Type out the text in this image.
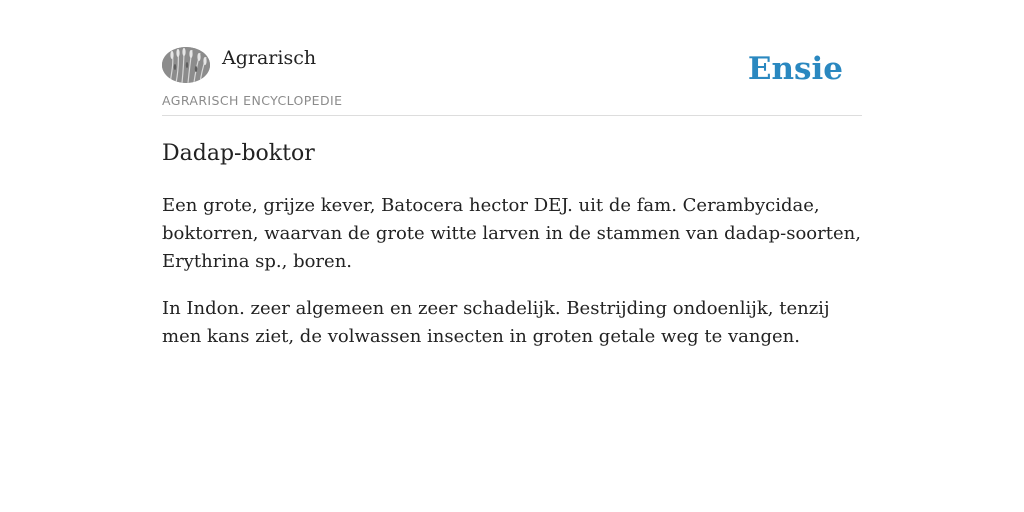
Agrarisch
AGRARISCH ENCYCLOPEDIE
Ensie
Dadap-boktor

Een grote, grijze kever, Batocera hector DEJ. uit de fam. Cerambycidae, boktorren, waarvan de grote witte larven in de stammen van dadap-soorten, Erythrina sp., boren.

In Indon. zeer algemeen en zeer schadelijk. Bestrijding ondoenlijk, tenzij men kans ziet, de volwassen insecten in groten getale weg te vangen.
